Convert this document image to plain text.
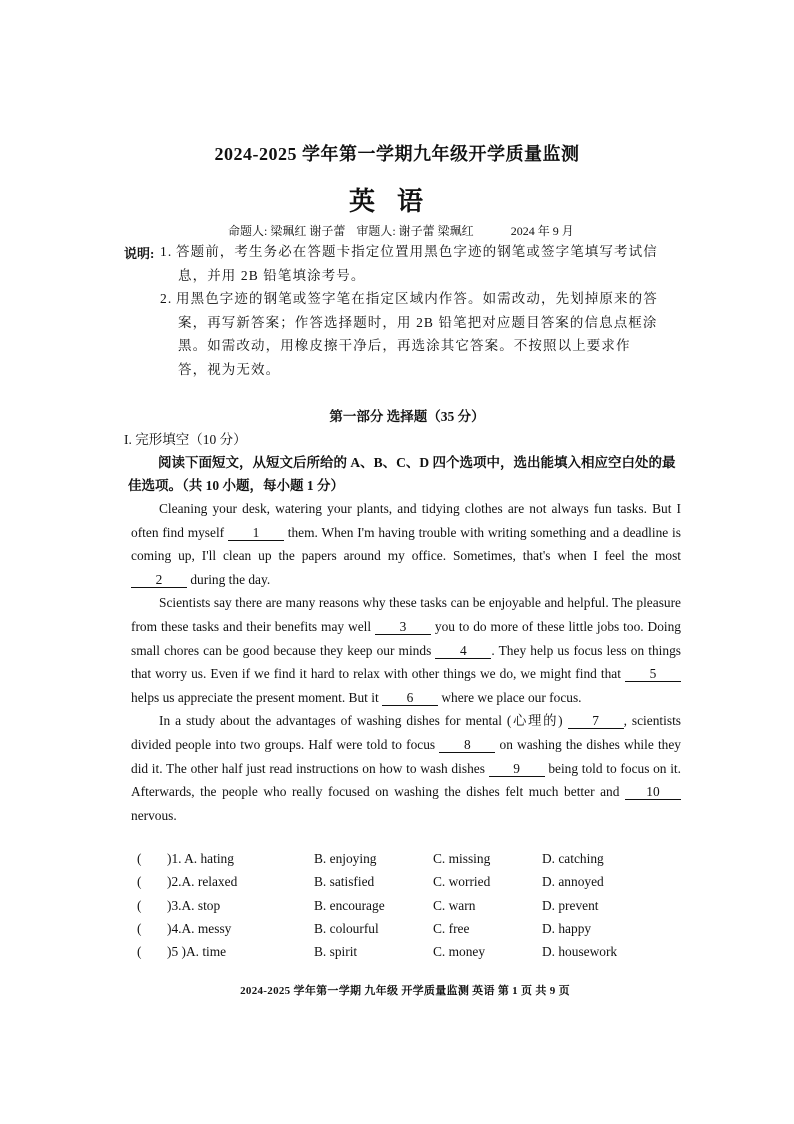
2024-2025 学年第一学期九年级开学质量监测
英语
命题人: 梁珮红 谢子蕾 审题人: 谢子蕾 梁珮红	2024 年 9 月
说明: 1. 答题前，考生务必在答题卡指定位置用黑色字迹的钢笔或签字笔填写考试信息，并用 2B 铅笔填涂考号。
2. 用黑色字迹的钢笔或签字笔在指定区域内作答。如需改动，先划掉原来的答案，再写新答案；作答选择题时，用 2B 铅笔把对应题目答案的信息点框涂黑。如需改动，用橡皮擦干净后，再选涂其它答案。不按照以上要求作答，视为无效。
第一部分 选择题（35 分）
I. 完形填空（10 分）
阅读下面短文，从短文后所给的 A、B、C、D 四个选项中，选出能填入相应空白处的最佳选项。（共 10 小题，每小题 1 分）

Cleaning your desk, watering your plants, and tidying clothes are not always fun tasks. But I often find myself 1 them. When I'm having trouble with writing something and a deadline is coming up, I'll clean up the papers around my office. Sometimes, that's when I feel the most 2 during the day.

Scientists say there are many reasons why these tasks can be enjoyable and helpful. The pleasure from these tasks and their benefits may well 3 you to do more of these little jobs too. Doing small chores can be good because they keep our minds 4 . They help us focus less on things that worry us. Even if we find it hard to relax with other things we do, we might find that 5 helps us appreciate the present moment. But it 6 where we place our focus.

In a study about the advantages of washing dishes for mental (心理的) 7 , scientists divided people into two groups. Half were told to focus 8 on washing the dishes while they did it. The other half just read instructions on how to wash dishes 9 being told to focus on it. Afterwards, the people who really focused on washing the dishes felt much better and 10 nervous.

( )1. A. hating	B. enjoying	C. missing	D. catching
( )2.A. relaxed	B. satisfied	C. worried	D. annoyed
( )3.A. stop	B. encourage	C. warn	D. prevent
( )4.A. messy	B. colourful	C. free	D. happy
( )5 )A. time	B. spirit	C. money	D. housework
2024-2025 学年第一学期 九年级 开学质量监测 英语 第 1 页 共 9 页
